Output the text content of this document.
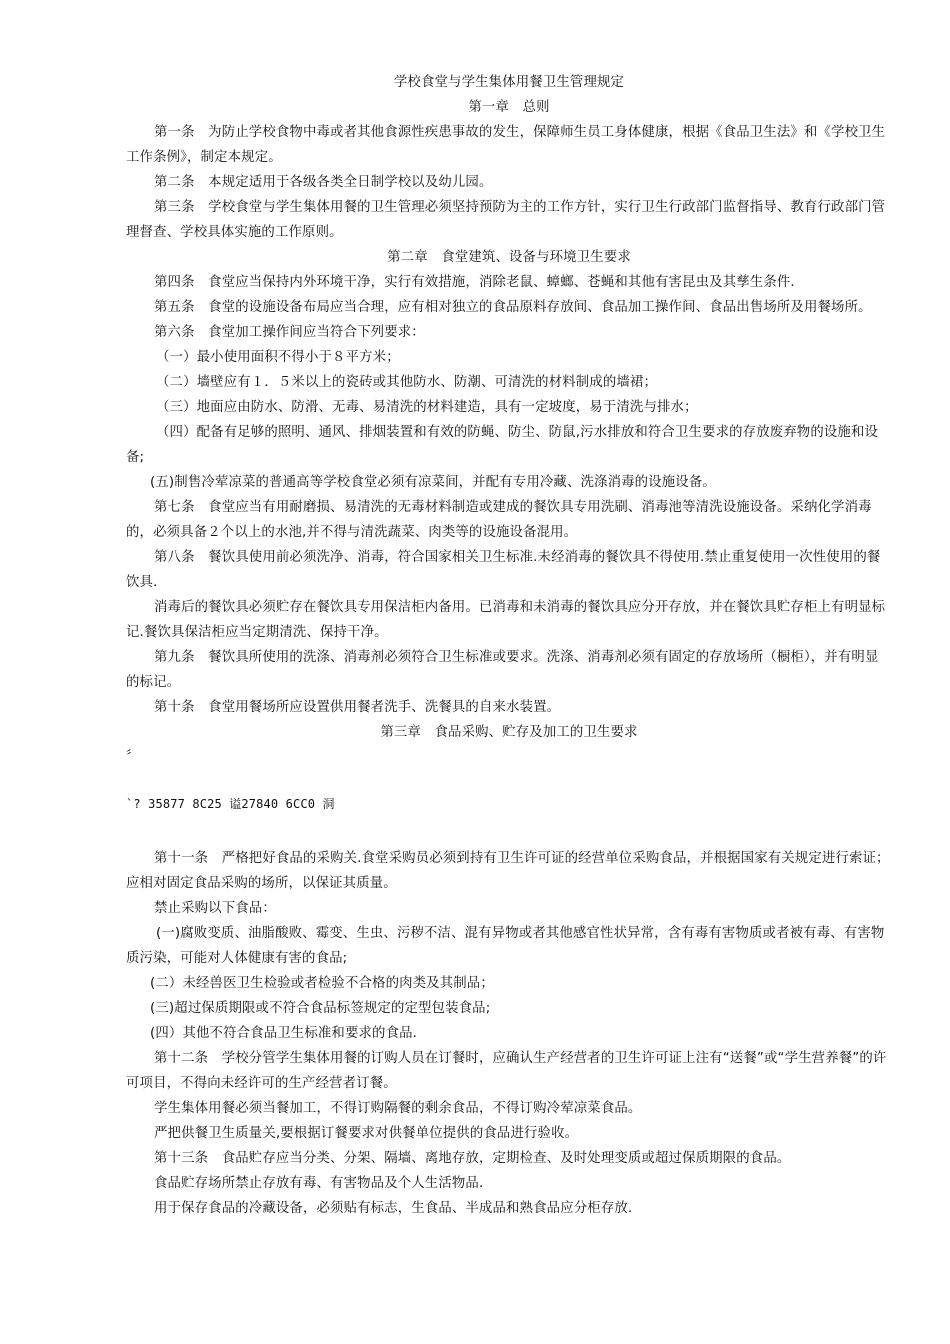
学校食堂与学生集体用餐卫生管理规定

第一章　总则

第一条　为防止学校食物中毒或者其他食源性疾患事故的发生，保障师生员工身体健康，根据《食品卫生法》和《学校卫生工作条例》，制定本规定。

第二条　本规定适用于各级各类全日制学校以及幼儿园。

第三条　学校食堂与学生集体用餐的卫生管理必须坚持预防为主的工作方针，实行卫生行政部门监督指导、教育行政部门管理督查、学校具体实施的工作原则。

第二章　食堂建筑、设备与环境卫生要求

第四条　食堂应当保持内外环境干净，实行有效措施，消除老鼠、蟑螂、苍蝇和其他有害昆虫及其孳生条件.

第五条　食堂的设施设备布局应当合理，应有相对独立的食品原料存放间、食品加工操作间、食品出售场所及用餐场所。

第六条　食堂加工操作间应当符合下列要求：

（一）最小使用面积不得小于８平方米；

（二）墙壁应有１．５米以上的瓷砖或其他防水、防潮、可清洗的材料制成的墙裙；

（三）地面应由防水、防滑、无毒、易清洗的材料建造，具有一定坡度，易于清洗与排水；

（四）配备有足够的照明、通风、排烟装置和有效的防蝇、防尘、防鼠,污水排放和符合卫生要求的存放废弃物的设施和设备;

(五)制售冷荤凉菜的普通高等学校食堂必须有凉菜间，并配有专用冷藏、洗涤消毒的设施设备。

第七条　食堂应当有用耐磨损、易清洗的无毒材料制造或建成的餐饮具专用洗刷、消毒池等清洗设施设备。采纳化学消毒的，必须具备２个以上的水池,并不得与清洗蔬菜、肉类等的设施设备混用。

第八条　餐饮具使用前必须洗净、消毒，符合国家相关卫生标准.未经消毒的餐饮具不得使用.禁止重复使用一次性使用的餐饮具.

消毒后的餐饮具必须贮存在餐饮具专用保洁柜内备用。已消毒和未消毒的餐饮具应分开存放，并在餐饮具贮存柜上有明显标记.餐饮具保洁柜应当定期清洗、保持干净。

第九条　餐饮具所使用的洗涤、消毒剂必须符合卫生标准或要求。洗涤、消毒剂必须有固定的存放场所（橱柜），并有明显的标记。

第十条　食堂用餐场所应设置供用餐者洗手、洗餐具的自来水装置。

第三章　食品采购、贮存及加工的卫生要求

〞

`? 35877 8C25 谥27840 6CC0 洞

第十一条　严格把好食品的采购关.食堂采购员必须到持有卫生许可证的经营单位采购食品，并根据国家有关规定进行索证；应相对固定食品采购的场所，以保证其质量。

禁止采购以下食品：

(一)腐败变质、油脂酸败、霉变、生虫、污秽不洁、混有异物或者其他感官性状异常，含有毒有害物质或者被有毒、有害物质污染，可能对人体健康有害的食品;

(二）未经兽医卫生检验或者检验不合格的肉类及其制品；

(三)超过保质期限或不符合食品标签规定的定型包装食品;

(四）其他不符合食品卫生标准和要求的食品.

第十二条　学校分管学生集体用餐的订购人员在订餐时，应确认生产经营者的卫生许可证上注有“送餐”或“学生营养餐”的许可项目，不得向未经许可的生产经营者订餐。

学生集体用餐必须当餐加工，不得订购隔餐的剩余食品，不得订购冷荤凉菜食品。

严把供餐卫生质量关,要根据订餐要求对供餐单位提供的食品进行验收。

第十三条　食品贮存应当分类、分架、隔墙、离地存放，定期检查、及时处理变质或超过保质期限的食品。

食品贮存场所禁止存放有毒、有害物品及个人生活物品.

用于保存食品的冷藏设备，必须贴有标志，生食品、半成品和熟食品应分柜存放.
